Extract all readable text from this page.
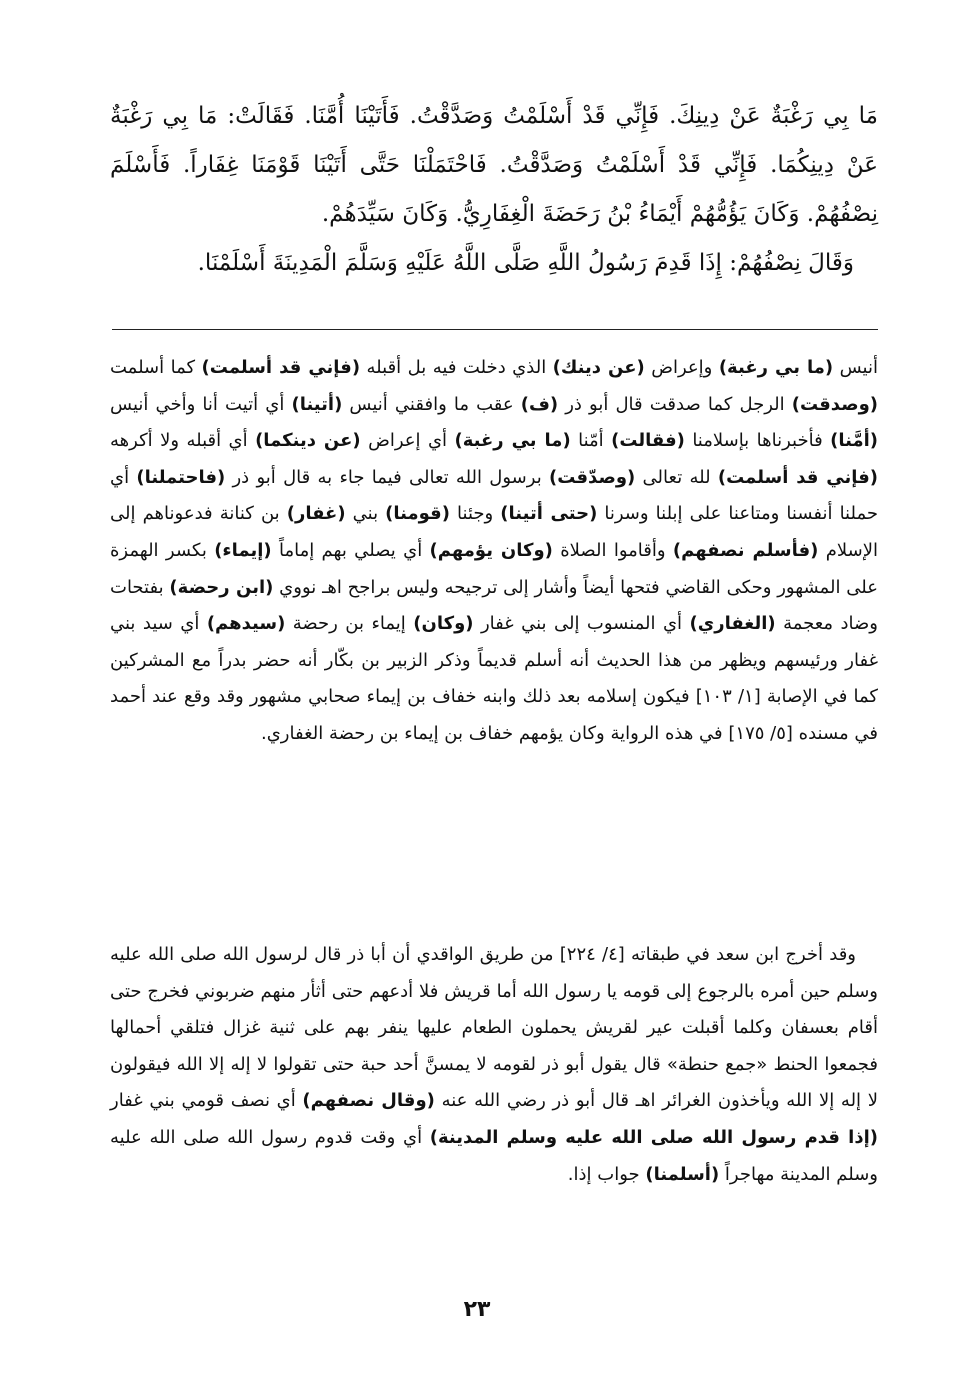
مَا بِي رَغْبَةٌ عَنْ دِينِكَ. فَإِنِّي قَدْ أَسْلَمْتُ وَصَدَّقْتُ. فَأَتَيْنَا أُمَّنَا. فَقَالَتْ: مَا بِي رَغْبَةٌ عَنْ دِينِكُمَا. فَإِنِّي قَدْ أَسْلَمْتُ وَصَدَّقْتُ. فَاحْتَمَلْنَا حَتَّى أَتَيْنَا قَوْمَنَا غِفَاراً. فَأَسْلَمَ نِصْفُهُمْ. وَكَانَ يَؤُمُّهُمْ أَيْمَاءُ بْنُ رَحَضَةَ الْغِفَارِيُّ. وَكَانَ سَيِّدَهُمْ.

وَقَالَ نِصْفُهُمْ: إِذَا قَدِمَ رَسُولُ اللَّهِ صَلَّى اللَّهُ عَلَيْهِ وَسَلَّمَ الْمَدِينَةَ أَسْلَمْنَا.

أنيس (ما بي رغبة) وإعراض (عن دينك) الذي دخلت فيه بل أقبله (فإني قد أسلمت) كما أسلمت (وصدقت) الرجل كما صدقت قال أبو ذر (ف) عقب ما وافقني أنيس (أتينا) أي أتيت أنا وأخي أنيس (أمَّنا) فأخبرناها بإسلامنا (فقالت) أمّنا (ما بي رغبة) أي إعراض (عن دينكما) أي أقبله ولا أكرهه (فإني قد أسلمت) لله تعالى (وصدّقت) برسول الله تعالى فيما جاء به قال أبو ذر (فاحتملنا) أي حملنا أنفسنا ومتاعنا على إبلنا وسرنا (حتى أتينا) وجئنا (قومنا) بني (غفار) بن كنانة فدعوناهم إلى الإسلام (فأسلم نصفهم) وأقاموا الصلاة (وكان يؤمهم) أي يصلي بهم إماماً (إيماء) بكسر الهمزة على المشهور وحكى القاضي فتحها أيضاً وأشار إلى ترجيحه وليس براجح اهـ نووي (ابن رحضة) بفتحات وضاد معجمة (الغفاري) أي المنسوب إلى بني غفار (وكان) إيماء بن رحضة (سيدهم) أي سيد بني غفار ورئيسهم ويظهر من هذا الحديث أنه أسلم قديماً وذكر الزبير بن بكّار أنه حضر بدراً مع المشركين كما في الإصابة [١/ ١٠٣] فيكون إسلامه بعد ذلك وابنه خفاف بن إيماء صحابي مشهور وقد وقع عند أحمد في مسنده [٥/ ١٧٥] في هذه الرواية وكان يؤمهم خفاف بن إيماء بن رحضة الغفاري.

وقد أخرج ابن سعد في طبقاته [٤/ ٢٢٤] من طريق الواقدي أن أبا ذر قال لرسول الله صلى الله عليه وسلم حين أمره بالرجوع إلى قومه يا رسول الله أما قريش فلا أدعهم حتى أثأر منهم ضربوني فخرج حتى أقام بعسفان وكلما أقبلت عير لقريش يحملون الطعام عليها ينفر بهم على ثنية غزال فتلقي أحمالها فجمعوا الحنط «جمع حنطة» قال يقول أبو ذر لقومه لا يمسنَّ أحد حبة حتى تقولوا لا إله إلا الله فيقولون لا إله إلا الله ويأخذون الغرائر اهـ قال أبو ذر رضي الله عنه (وقال نصفهم) أي نصف قومي بني غفار (إذا قدم رسول الله صلى الله عليه وسلم المدينة) أي وقت قدوم رسول الله صلى الله عليه وسلم المدينة مهاجراً (أسلمنا) جواب إذا.

٢٣
